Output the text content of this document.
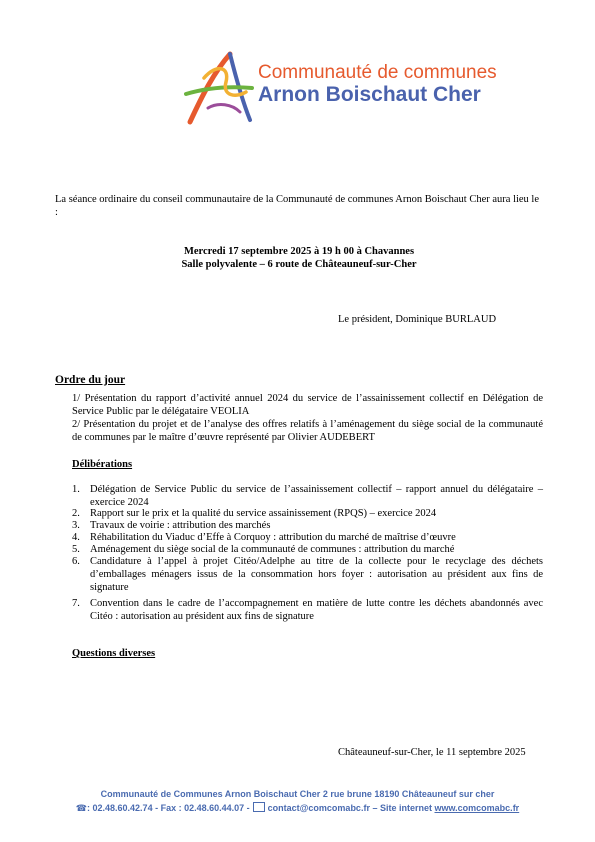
Communauté de communes
Arnon Boischaut Cher
La séance ordinaire du conseil communautaire de la Communauté de communes Arnon Boischaut Cher aura lieu le :
Mercredi 17 septembre 2025 à 19 h 00 à Chavannes
Salle polyvalente – 6 route de Châteauneuf-sur-Cher
Le président, Dominique BURLAUD
Ordre du jour
1/ Présentation du rapport d’activité annuel 2024 du service de l’assainissement collectif en Délégation de Service Public par le délégataire VEOLIA
2/ Présentation du projet et de l’analyse des offres relatifs à l’aménagement du siège social de la communauté de communes par le maître d’œuvre représenté par Olivier AUDEBERT
Délibérations
1. Délégation de Service Public du service de l’assainissement collectif – rapport annuel du délégataire – exercice 2024
2. Rapport sur le prix et la qualité du service assainissement (RPQS) – exercice 2024
3. Travaux de voirie : attribution des marchés
4. Réhabilitation du Viaduc d’Effe à Corquoy : attribution du marché de maîtrise d’œuvre
5. Aménagement du siège social de la communauté de communes : attribution du marché
6. Candidature à l’appel à projet Citéo/Adelphe au titre de la collecte pour le recyclage des déchets d’emballages ménagers issus de la consommation hors foyer : autorisation au président aux fins de signature
7. Convention dans le cadre de l’accompagnement en matière de lutte contre les déchets abandonnés avec Citéo : autorisation au président aux fins de signature
Questions diverses
Châteauneuf-sur-Cher, le 11 septembre 2025
Communauté de Communes Arnon Boischaut Cher 2 rue brune 18190 Châteauneuf sur cher
☎: 02.48.60.42.74 - Fax : 02.48.60.44.07 - contact@comcomabc.fr – Site internet www.comcomabc.fr
